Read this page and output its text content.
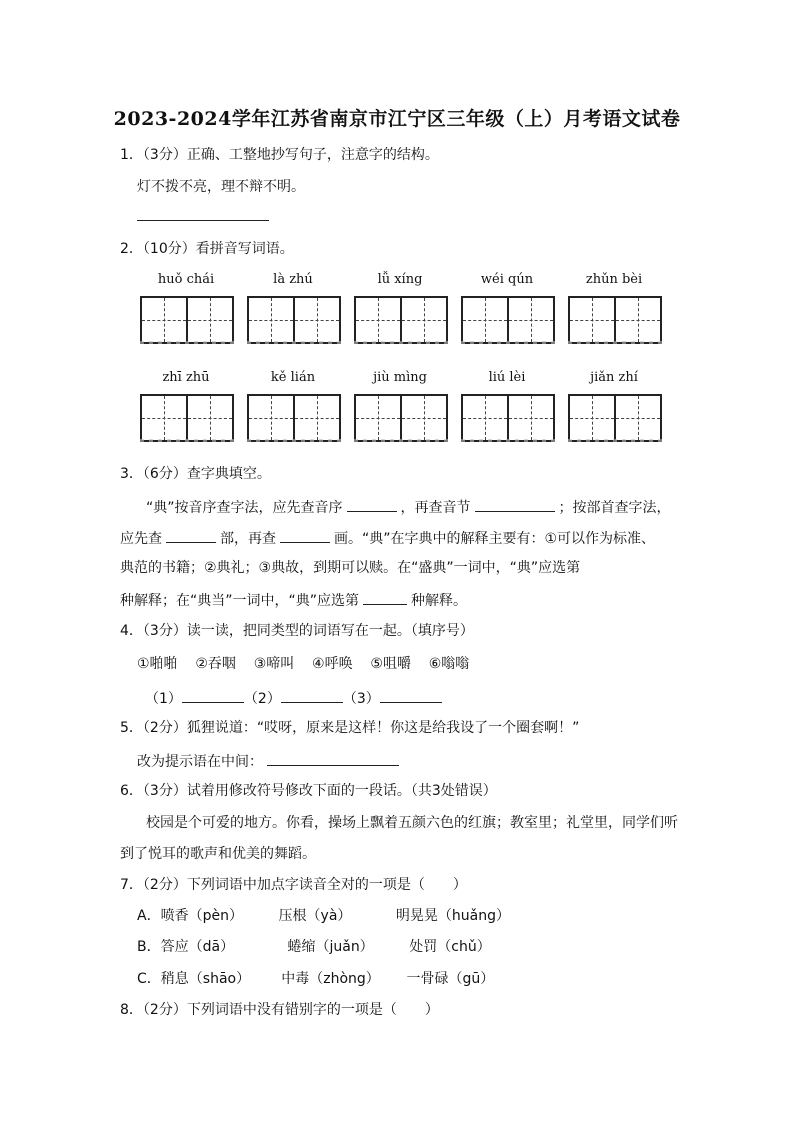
2023-2024学年江苏省南京市江宁区三年级（上）月考语文试卷
1．（3分）正确、工整地抄写句子，注意字的结构。
灯不拨不亮，理不辩不明。
2．（10分）看拼音写词语。
huǒ chái	là zhú	lǚ xíng	wéi qún	zhǔn bèi
zhī zhū	kě lián	jiù mìng	liú lèi	jiǎn zhí
3．（6分）查字典填空。
“典”按音序查字法，应先查音序	，再查音节	；按部首查字法，
应先查	部，再查	画。“典”在字典中的解释主要有：①可以作为标准、
典范的书籍；②典礼；③典故，到期可以赎。在“盛典”一词中，“典”应选第
种解释；在“典当”一词中，“典”应选第	种解释。
4．（3分）读一读，把同类型的词语写在一起。（填序号）
①啪啪    ②吞咽    ③啼叫    ④呼唤    ⑤咀嚼    ⑥嗡嗡
（1）	（2）	（3）
5．（2分）狐狸说道：“哎呀，原来是这样！你这是给我设了一个圈套啊！”
改为提示语在中间：
6．（3分）试着用修改符号修改下面的一段话。（共3处错误）
校园是个可爱的地方。你看，操场上飘着五颜六色的红旗；教室里；礼堂里，同学们听
到了悦耳的歌声和优美的舞蹈。
7．（2分）下列词语中加点字读音全对的一项是（　　）
A．喷香（pèn）        压根（yà）          明晃晃（huǎng）
B．答应（dā）            蜷缩（juǎn）        处罚（chǔ）
C．稍息（shāo）       中毒（zhòng）      一骨碌（gū）
8．（2分）下列词语中没有错别字的一项是（　　）
